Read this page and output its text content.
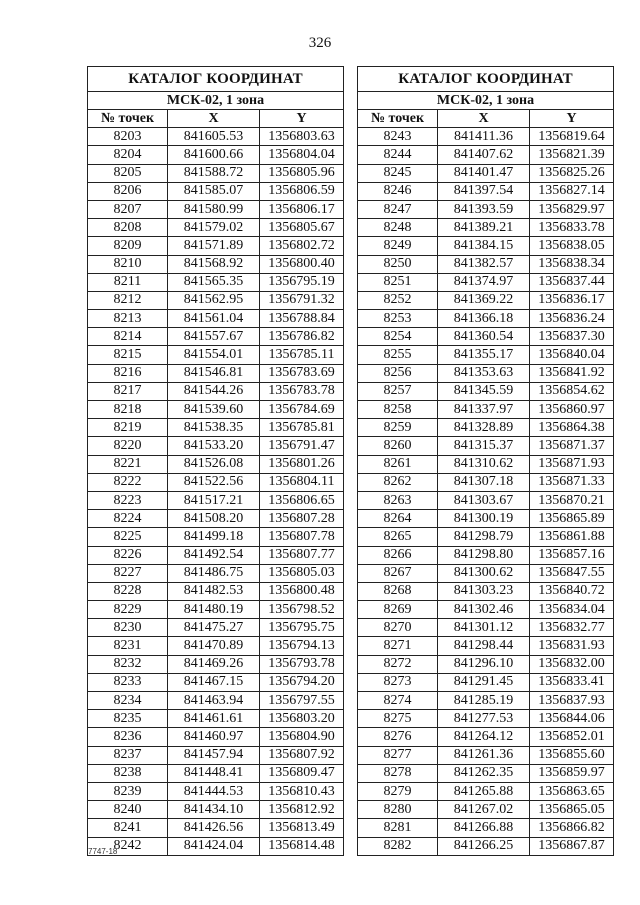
326
КАТАЛОГ КООРДИНАТ		
МСК-02, 1 зона		
№ точек	X	Y
8203	841605.53	1356803.63
8204	841600.66	1356804.04
8205	841588.72	1356805.96
8206	841585.07	1356806.59
8207	841580.99	1356806.17
8208	841579.02	1356805.67
8209	841571.89	1356802.72
8210	841568.92	1356800.40
8211	841565.35	1356795.19
8212	841562.95	1356791.32
8213	841561.04	1356788.84
8214	841557.67	1356786.82
8215	841554.01	1356785.11
8216	841546.81	1356783.69
8217	841544.26	1356783.78
8218	841539.60	1356784.69
8219	841538.35	1356785.81
8220	841533.20	1356791.47
8221	841526.08	1356801.26
8222	841522.56	1356804.11
8223	841517.21	1356806.65
8224	841508.20	1356807.28
8225	841499.18	1356807.78
8226	841492.54	1356807.77
8227	841486.75	1356805.03
8228	841482.53	1356800.48
8229	841480.19	1356798.52
8230	841475.27	1356795.75
8231	841470.89	1356794.13
8232	841469.26	1356793.78
8233	841467.15	1356794.20
8234	841463.94	1356797.55
8235	841461.61	1356803.20
8236	841460.97	1356804.90
8237	841457.94	1356807.92
8238	841448.41	1356809.47
8239	841444.53	1356810.43
8240	841434.10	1356812.92
8241	841426.56	1356813.49
8242	841424.04	1356814.48
КАТАЛОГ КООРДИНАТ		
МСК-02, 1 зона		
№ точек	X	Y
8243	841411.36	1356819.64
8244	841407.62	1356821.39
8245	841401.47	1356825.26
8246	841397.54	1356827.14
8247	841393.59	1356829.97
8248	841389.21	1356833.78
8249	841384.15	1356838.05
8250	841382.57	1356838.34
8251	841374.97	1356837.44
8252	841369.22	1356836.17
8253	841366.18	1356836.24
8254	841360.54	1356837.30
8255	841355.17	1356840.04
8256	841353.63	1356841.92
8257	841345.59	1356854.62
8258	841337.97	1356860.97
8259	841328.89	1356864.38
8260	841315.37	1356871.37
8261	841310.62	1356871.93
8262	841307.18	1356871.33
8263	841303.67	1356870.21
8264	841300.19	1356865.89
8265	841298.79	1356861.88
8266	841298.80	1356857.16
8267	841300.62	1356847.55
8268	841303.23	1356840.72
8269	841302.46	1356834.04
8270	841301.12	1356832.77
8271	841298.44	1356831.93
8272	841296.10	1356832.00
8273	841291.45	1356833.41
8274	841285.19	1356837.93
8275	841277.53	1356844.06
8276	841264.12	1356852.01
8277	841261.36	1356855.60
8278	841262.35	1356859.97
8279	841265.88	1356863.65
8280	841267.02	1356865.05
8281	841266.88	1356866.82
8282	841266.25	1356867.87
7747-18
